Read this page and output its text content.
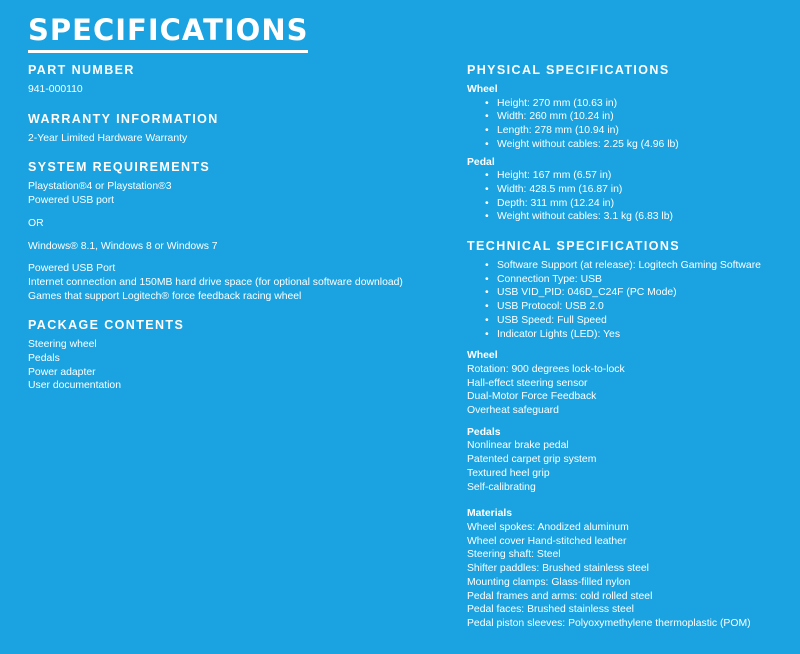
SPECIFICATIONS
PART NUMBER
941-000110
WARRANTY INFORMATION
2-Year Limited Hardware Warranty
SYSTEM REQUIREMENTS
Playstation®4 or Playstation®3
Powered USB port
OR
Windows® 8.1, Windows 8 or Windows 7
Powered USB Port
Internet connection and 150MB hard drive space (for optional software download)
Games that support Logitech® force feedback racing wheel
PACKAGE CONTENTS
Steering wheel
Pedals
Power adapter
User documentation
PHYSICAL SPECIFICATIONS
Wheel
• Height: 270 mm (10.63 in)
• Width: 260 mm (10.24 in)
• Length: 278 mm (10.94 in)
• Weight without cables: 2.25 kg (4.96 lb)
Pedal
• Height: 167 mm (6.57 in)
• Width: 428.5 mm (16.87 in)
• Depth: 311 mm (12.24 in)
• Weight without cables: 3.1 kg (6.83 lb)
TECHNICAL SPECIFICATIONS
• Software Support (at release): Logitech Gaming Software
• Connection Type: USB
• USB VID_PID: 046D_C24F (PC Mode)
• USB Protocol: USB 2.0
• USB Speed: Full Speed
• Indicator Lights (LED): Yes
Wheel
Rotation: 900 degrees lock-to-lock
Hall-effect steering sensor
Dual-Motor Force Feedback
Overheat safeguard
Pedals
Nonlinear brake pedal
Patented carpet grip system
Textured heel grip
Self-calibrating
Materials
Wheel spokes: Anodized aluminum
Wheel cover Hand-stitched leather
Steering shaft: Steel
Shifter paddles: Brushed stainless steel
Mounting clamps: Glass-filled nylon
Pedal frames and arms: cold rolled steel
Pedal faces: Brushed stainless steel
Pedal piston sleeves: Polyoxymethylene thermoplastic (POM)
